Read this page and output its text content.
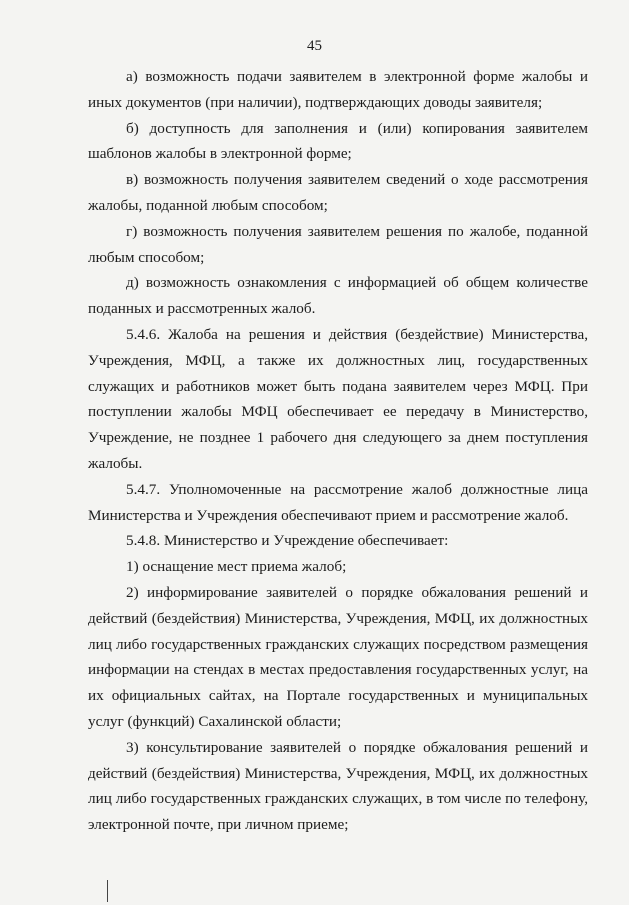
45

а) возможность подачи заявителем в электронной форме жалобы и иных документов (при наличии), подтверждающих доводы заявителя;

б) доступность для заполнения и (или) копирования заявителем шаблонов жалобы в электронной форме;

в) возможность получения заявителем сведений о ходе рассмотрения жалобы, поданной любым способом;

г) возможность получения заявителем решения по жалобе, поданной любым способом;

д) возможность ознакомления с информацией об общем количестве поданных и рассмотренных жалоб.

5.4.6. Жалоба на решения и действия (бездействие) Министерства, Учреждения, МФЦ, а также их должностных лиц, государственных служащих и работников может быть подана заявителем через МФЦ. При поступлении жалобы МФЦ обеспечивает ее передачу в Министерство, Учреждение, не позднее 1 рабочего дня следующего за днем поступления жалобы.

5.4.7. Уполномоченные на рассмотрение жалоб должностные лица Министерства и Учреждения обеспечивают прием и рассмотрение жалоб.

5.4.8. Министерство и Учреждение обеспечивает:

1) оснащение мест приема жалоб;

2) информирование заявителей о порядке обжалования решений и действий (бездействия) Министерства, Учреждения, МФЦ, их должностных лиц либо государственных гражданских служащих посредством размещения информации на стендах в местах предоставления государственных услуг, на их официальных сайтах, на Портале государственных и муниципальных услуг (функций) Сахалинской области;

3) консультирование заявителей о порядке обжалования решений и действий (бездействия) Министерства, Учреждения, МФЦ, их должностных лиц либо государственных гражданских служащих, в том числе по телефону, электронной почте, при личном приеме;
